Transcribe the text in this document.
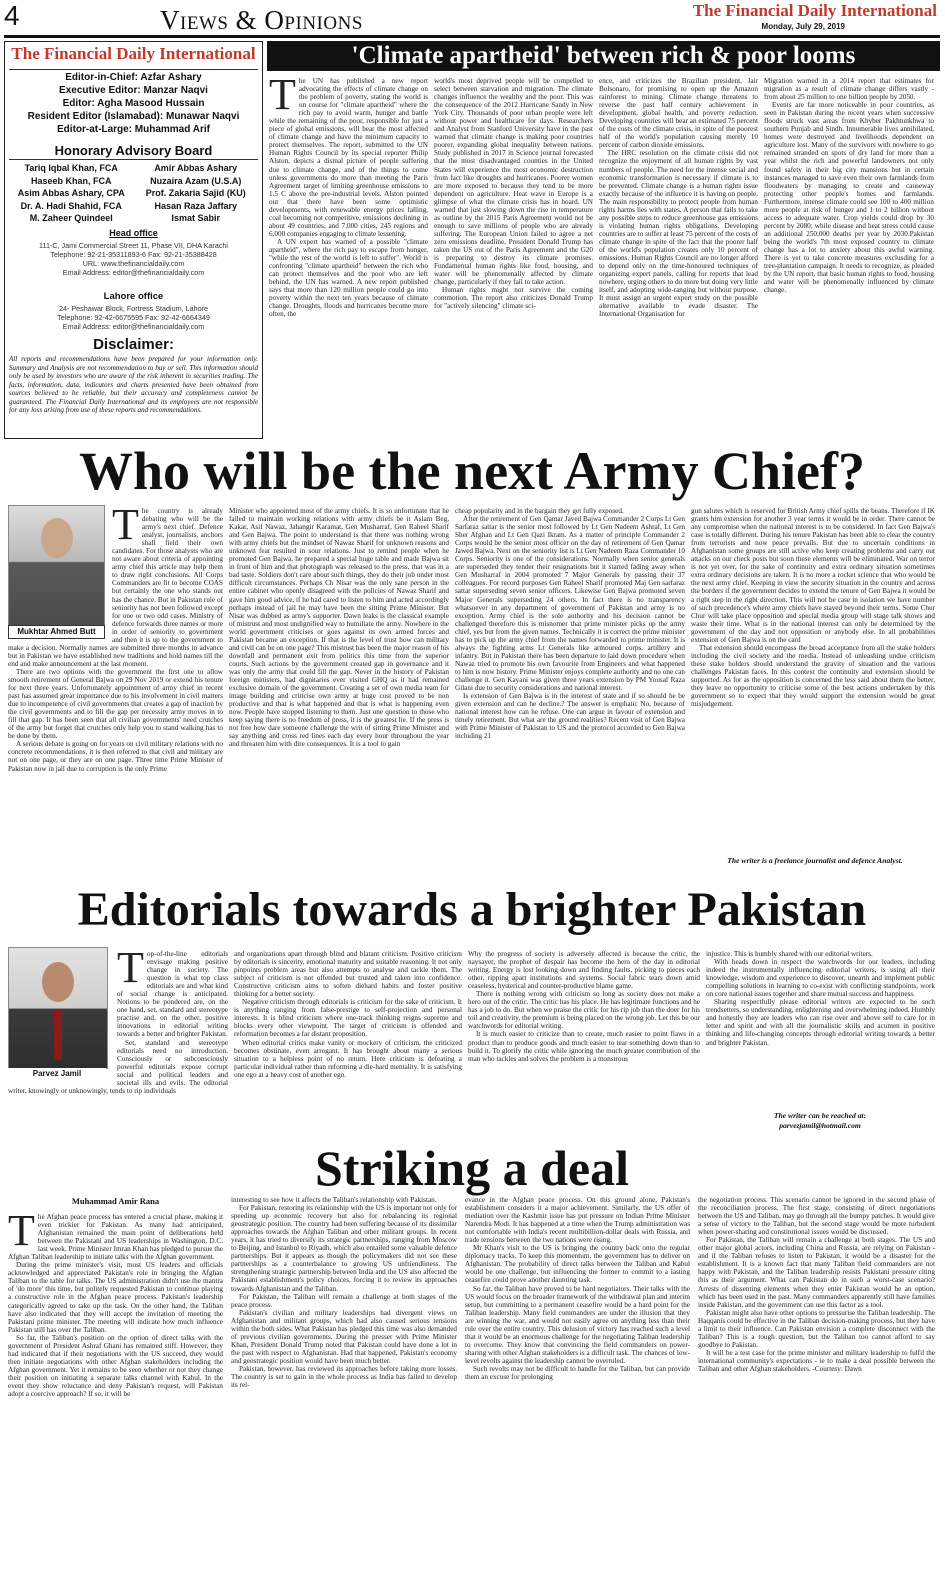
4	Views & Opinions	The Financial Daily International
Monday, July 29, 2019
The Financial Daily International
Editor-in-Chief: Azfar Ashary
Executive Editor: Manzar Naqvi
Editor: Agha Masood Hussain
Resident Editor (Islamabad): Munawar Naqvi
Editor-at-Large: Muhammad Arif
Honorary Advisory Board
Tariq Iqbal Khan, FCA	Amir Abbas Ashary
Haseeb Khan, FCA	Nuzaira Azam (U.S.A)
Asim Abbas Ashary, CPA	Prof. Zakaria Sajid (KU)
Dr. A. Hadi Shahid, FCA	Hasan Raza Jaffary
M. Zaheer Quindeel	Ismat Sabir
Head office
111-C, Jami Commercial Street 11, Phase VII, DHA Karachi
Telephone: 92-21-35311893-6 Fax: 92-21-35388428
URL: www.thefinancialdaily.com
Email Address: editor@thefinancialdaily.com
Lahore office
24- Peshawar Block, Fortress Stadium, Lahore
Telephone: 92-42-6675595 Fax: 92-42-6664349
Email Address: editor@thefinancialdaily.com
Disclaimer:
All reports and recommendations have been prepared for your information only. Summary and Analysis are not recommendation to buy or sell. This information should only be used by investors who are aware of the risk inherent in securities trading. The facts, information, data, indicators and charts presented have been obtained from sources believed to be reliable, but their accuracy and completeness cannot be guaranteed. The Financial Daily International and its employees are not responsible for any loss arising from use of these reports and recommendations.
'Climate apartheid' between rich & poor looms
The UN has published a new report advocating the effects of climate change on the problem of poverty, stating the world is on course for "climate apartheid" where the rich pay to avoid warm, hunger and battle while the remaining of the poor, responsible for just a piece of global emissions, will bear the most affected of climate change and have the minimum capacity to protect themselves. The report, submitted to the UN Human Rights Council by its special reporter Philip Alston, depicts a dismal picture of people suffering due to climate change, and of the things to come unless governments do more than meeting the Paris Agreement target of limiting greenhouse emissions to 1.5 C above the pre-industrial levels. Alston pointed out that there have been some optimistic developments, with renewable energy prices falling, coal becoming not competitive, emissions declining in about 49 countries, and 7,000 cities, 245 regions and 6,000 companies engaging to climate lessening.
A UN expert has warned of a possible "climate apartheid", where the rich pay to escape from hunger, "while the rest of the world is left to suffer". World is confronting "climate apartheid" between the rich who can protect themselves and the poor who are left behind, the UN has warned. A new report published says that more than 120 million people could go into poverty within the next ten years because of climate change. Droughts, floods and hurricanes become more often, the
world's most deprived people will be compelled to select between starvation and migration. The climate changes influence the wealthy and the poor. This was the consequence of the 2012 Hurricane Sandy in New York City. Thousands of poor urban people were left without power and healthcare for days. Researchers and Analyst from Stanford University have in the past warned that climate change is making poor countries poorer, expanding global inequality between nations. Study published in 2017 in Science journal forecasted that the most disadvantaged counties in the United States will experience the most economic destruction from fact like droughts and hurricanes. Poorer women are more exposed to because they tend to be more dependent on agriculture. Heat wave in Europe is a glimpse of what the climate crisis has in hoard. UN warned that just slowing down the rise in temperature as outline by the 2015 Paris Agreement would not be enough to save millions of people who are already suffering. The European Union failed to agree a net zero emissions deadline, President Donald Trump has taken the US out of the Paris Agreement and the G20 is preparing to destroy its climate promises. Fundamental human rights like food, housing, and water will be phenomenally affected by climate change, particularly if they fail to take action.
Human rights might not survive the coming commotion. The report also criticizes Donald Trump for "actively silencing" climate sci-
ence, and criticizes the Brazilian president, Jair Bolsonaro, for promising to open up the Amazon rainforest to mining. Climate change threatens to reverse the past half century achievement in development, global health, and poverty reduction. Developing countries will bear an estimated 75 percent of the costs of the climate crisis, in spite of the poorest half of the world's population causing merely 10 percent of carbon dioxide emissions.
The HRC resolution on the climate crisis did not recognize the enjoyment of all human rights by vast numbers of people. The need for the intense social and economic transformation is necessary if climate is to be prevented. Climate change is a human rights issue exactly because of the influence it is having on people. The main responsibility to protect people from human rights harms lies with states. A person that fails to take any possible steps to reduce greenhouse gas emissions is violating human rights obligations. Developing countries are to suffer at least 75 percent of the costs of climate change in spite of the fact that the poorer half of the world's population creates only 10 percent of emissions. Human Rights Council are no longer afford to depend only on the time-honoured techniques of organizing expert panels, calling for reports that lead nowhere, urging others to do more but doing very little itself, and adopting wide-ranging but without purpose. It must assign an urgent expert study on the possible alternative available to evade disaster. The International Organisation for
Migration warned in a 2014 report that estimates for migration as a result of climate change differs vastly - from about 25 million to one billion people by 2050.
Events are far more noticeable in poor countries, as seen in Pakistan during the recent years when successive floods struck vast areas from Khyber Pakhtunkhwa to southern Punjab and Sindh. Innumerable lives annihilated, homes were destroyed and livelihoods dependent on agriculture lost. Many of the survivors with nowhere to go remained stranded on spots of dry land for more than a year whilst the rich and powerful landowners not only found safety in their big city mansions but in certain instances managed to save even their own farmlands from floodwaters by managing to create and causeway protecting other people's homes and farmlands. Furthermore, intense climate could see 100 to 400 million more people at risk of hunger and 1 to 2 billion without access to adequate water. Crop yields could drop by 30 percent by 2080; while disease and heat stress could cause an additional 250,000 deaths per year by 2030.Pakistan being the world's 7th most exposed country to climate change has a lot to anxiety about this awful warning. There is yet to take concrete measures exclusding for a tree-plantation campaign. It needs to recognize, as pleaded by the UN report, that basic human rights to food, housing and water will be phenomenally influenced by climate change.
Who will be the next Army Chief?
Mukhtar Ahmed Butt
The country is already debating who will be the army's next chief. Defence analyst, journalists, anchors shall field their own candidates. For those analysts who are not aware about criteria of appointing army chief this article may help them to draw right conclusions. All Corps Commanders are fit to become COAS but certainly the one who stands out has the chance. But in Pakistan rule of seniority has not been followed except for one or two odd cases. Ministry of defence forwards three names or more in order of seniority to government and then it is up to the government to make a decision. Normally names are submitted three months in advance but in Pakistan we have established new traditions and hold names till the end and make announcement at the last moment.
There are two options with the government the first one to allow smooth retirement of General Bajwa on 29 Nov 2019 or extend his tenure for next three years. Unfortunately appointment of army chief in recent past has assumed great importance due to his involvement in civil matters due to incompetence of civil governments that creates a gap of inaction by the civil governments and to fill the gap per necessity army moves in to fill that gap. It has been seen that all civilian governments' need crutches of the army but forget that crutches only help you to stand walking has to be done by them.
A serious debate is going on for years on civil military relations with no concrete recommendations, it is then referred to that civil and military are not on one page, or they are on one page. Three time Prime Minister of Pakistan now in jail due to corruption is the only Prime
Minister who appointed most of the army chiefs. It is so unfortunate that he failed to maintain working relations with army chiefs be it Aslam Beg, Kakar, Asif Nawaz, Jahangir Karamat, Gen Musharraf, Gen Raheel Sharif and Gen Bajwa. The point to understand is that there was nothing wrong with army chiefs but the mindset of Nawaz Sharif for unknown reasons and unknown fear resulted in sour relations. Just to remind people when he promoted Gen Bajwa, he prepared a special huge table and made Bajwa sit in front of him and that photograph was released to the press, that was in a bad taste. Soldiers don't care about such things, they do their job under most difficult circumstances. Perhaps Ch Nisar was the only sane person in the entire cabinet who openly disagreed with the policies of Nawaz Sharif and gave him good advice, if he had cared to listen to him and acted accordingly perhaps instead of jail he may have been the sitting Prime Minister. But Nisar was dubbed as army's supporter. Dawn leaks is the classical example of mistrust and most undignified way to humiliate the army. Nowhere in the world government criticises or goes against its own armed forces and Pakistan became an exception. If that is the level of trust how can military and civil can be on one page? This mistrust has been the major reason of his downfall and permanent exit from politics this time from the superior courts. Such actions by the government created gap in governance and it was only the army that could fill the gap. Never in the history of Pakistan foreign ministers, had dignitaries ever visited GHQ as it had remained exclusive domain of the government. Creating a set of own media team for image building and criticise own army at huge cost proved to be non productive and that is what happened and that is what is happening even now. People have stopped listening to them. Just one question to those who keep saying there is no freedom of press, it is the greatest lie. If the press is not free how dare someone challenge the writ of sitting Prime Minister and say anything and cross red lines each day every hour throughout the year and threaten him with dire consequences. It is a tool to gain
cheap popularity and in the bargain they get fully exposed.
After the retirement of Gen Qamar Javed Bajwa Commander 2 Corps Lt Gen Sarfaraz sattar is the senior most followed by Lt Gen Nadeem Ashraf, Lt Gen Sher Afghan and Lt Gen Qazi Ikram. As a matter of principle Commander 2 Corps would be the senior most officer on the day of retirement of Gen Qamar Jawed Bajwa. Next on the seniority list is Lt Gen Nadeem Raza Commander 10 Corps. Seniority is one of the considerations. Normally when senior generals are superseded they tender their resignations but it started fading away when Gen Musharraf in 2004 promoted 7 Major Generals by passing their 37 colleagues. For record purposes Gen Raheel Sharif promoted Maj Gen sarfaraz sattar superseding seven senior officers. Likewise Gen Bajwa promoted seven Major Generals superseding 24 others. In fact there is no transparency whatsoever in any department of government of Pakistan and army is no exception. Army chief is the sole authority and his decision cannot be challenged therefore this is misnomer that prime minister picks up the army chief, yes but from the given names. Technically it is correct the prime minister has to pick up the army chief from the names forwarded to prime minister. It is always the fighting arms Lt Generals like armoured corps, artillery and infantry. But in Pakistan there has been departure to laid down procedure when Nawaz tried to promote his own favourite from Engineers and what happened to him is now history. Prime Minister enjoys complete authority and no one can challenge it. Gen Kayani was given three years extension by PM Yousaf Raza Gilani due to security considerations and national interest.
Is extension of Gen Bajwa is in the interest of state and if so should he be given extension and can he decline.? The answer is emphatic No, because of national interest how can he refuse. One can argue in favour of extension and timely retirement. But what are the ground realities? Recent visit of Gen Bajwa with Prime Minister of Pakistan to US and the protocol accorded to Gen Bajwa including 21
gun salutes which is reserved for British Army chief spills the beans. Therefore if IK grants him extension for another 3 year terms it would be in order. There cannot be any compromise when the national interest is to be considered. In fact Gen Bajwa's case is totally different. During his tenure Pakistan has been able to clear the country from terrorists and now peace prevails. But due to uncertain conditions in Afghanistan some groups are still active who keep creating problems and carry out attacks on our check posts but soon these elements will be eliminated. War on terror is not yet over, for the sake of continuity and extra ordinary situation sometimes extra ordinary decisions are taken. It is no more a rocket science that who would be the next army chief. Keeping in view the security situation in the country and across the borders if the government decides to extend the tenure of Gen Bajwa it would be a right step in the right direction. This will not be case in isolation we have number of such precedence's where army chiefs have stayed beyond their terms. Some Chur Chur will take place opposition and special media group will stage talk shows and waste their time. What is in the national interest can only be determined by the government of the day and not opposition or anybody else. In all probabilities extension of Gen Bajwa is on the card
That extension should encompass the broad acceptance from all the stake holders including the civil society and the media. Instead of unleashing undue criticism these stake holders should understand the gravity of situation and the various challenges Pakistan faces. In this context the continuity and extension should be supported. As for as the opposition is concerned the less said about them the better, they leave no opportunity to criticise some of the best actions undertaken by this government so to expect that they would support the extension would be great misjudgement.
The writer is a freelance journalist and defence Analyst.
Editorials towards a brighter Pakistan
Parvez Jamil
Top-of-the-line editorials envisage making positive change in society. The question is what top class editorials are and what kind of social change is anticipated. Notions to be pondered are, on the one hand, set, standard and stereotype practise and, on the other, positive innovations in editorial writing towards a better and brighter Pakistan.
Set, standard and stereotype editorials need no introduction. Consciously or subconsciously powerful editorials expose corrupt social and political leaders and societal ills and evils. The editorial writer, knowingly or unknowingly, tends to rip individuals
and organizations apart through blind and blatant criticism. Positive criticism by editorials is sincerity, emotional maturity and suitable reasoning. It not only pinpoints problem areas but also attempts to analyse and tackle them. The subject of criticism is not offended but trusted and taken into confidence. Constructive criticism aims to soften diehard habits and foster positive thinking for a better society.
Negative criticism through editorials is criticism for the sake of criticism. It is anything ranging from false-prestige to self-projection and personal interests. It is blind criticism where one-track thinking reigns supreme and blocks every other viewpoint. The target of criticism is offended and reformation becomes a far distant proposition.
When editorial critics make vanity or mockery of criticism, the criticized becomes obstinate, even arrogant. It has brought about many a serious situation to a helpless point of no return. Here criticism is defeating a particular individual rather than reforming a die-hard mentality. It is satisfying one ego at a heavy cost of another ego.
Why the progress of society is adversely affected is because the critic, the naysayer, the prophet of despair has become the hero of the day in editorial writing. Energy is lost looking down and finding faults, picking to pieces each other, ripping apart institutions and systems. Social fabric tears down amid ceaseless, hysterical and counter-productive blame game.
There is nothing wrong with criticism so long as society does not make a hero out of the critic. The critic has his place. He has legitimate functions and he has a job to do. But when we praise the critic for his rip job than the doer for his toil and creativity, the premium is being placed on the wrong job. Let this be our watchwords for editorial writing.
It is much easier to criticize than to create, much easier to point flaws in a product than to produce goods and much easier to tear something down than to build it. To glorify the critic while ignoring the much greater contribution of the man who tackles and solves the problem is a monstrous
injustice. This is humbly shared with our editorial writers.
With heads down in respect the watchwords for our leaders, including indeed the instrumentally influencing editorial writers, is using all their knowledge, wisdom and experience to discover, unearth and implement public compelling solutions in learning to co-exist with conflicting standpoints, work on core national issues together and share mutual success and happiness.
Sharing respectfully please editorial writers are expected to be such trendsetters, so understanding, enlightening and overwhelming indeed. Humbly and honestly they are leaders who can rise over and above self to care for in letter and spirit and with all the journalistic skills and acumen in positive thinking and life-changing concepts through editorial writing towards a better and brighter Pakistan.
The writer can be reached at:
parvezjamil@hotmail.com
Striking a deal
Muhammad Amir Rana
The Afghan peace process has entered a crucial phase, making it even trickier for Pakistan. As many had anticipated, Afghanistan remained the main point of deliberations held between the Pakistani and US leaderships in Washington, D.C. last week. Prime Minister Imran Khan has pledged to pursue the Afghan Taliban leadership to initiate talks with the Afghan government.
During the prime minister's visit, most US leaders and officials acknowledged and appreciated Pakistan's role in bringing the Afghan Taliban to the table for talks. The US administration didn't use the mantra of 'do more' this time, but politely requested Pakistan to continue playing a constructive role in the Afghan peace process. Pakistan's leadership categorically agreed to take up the task. On the other hand, the Taliban have also indicated that they will accept the invitation of meeting the Pakistani prime minister. The meeting will indicate how much influence Pakistan still has over the Taliban.
So far, the Taliban's position on the option of direct talks with the government of President Ashraf Ghani has remained stiff. However, they had indicated that if their negotiations with the US succeed, they would then initiate negotiations with other Afghan stakeholders including the Afghan government. Yet it remains to be seen whether or not they change their position on initiating a separate talks channel with Kabul. In the event they show reluctance and deny Pakistan's request, will Pakistan adopt a coercive approach? If so, it will be
interesting to see how it affects the Taliban's relationship with Pakistan.
For Pakistan, restoring its relationship with the US is important not only for speeding up economic recovery but also for rebalancing its regional geostrategic position. The country had been suffering because of its dissimilar approaches towards the Afghan Taliban and other militant groups. In recent years, it has tried to diversify its strategic partnerships, ranging from Moscow to Beijing, and Istanbul to Riyadh, which also entailed some valuable defence partnerships. But it appears as though the policymakers did not see these partnerships as a counterbalance to growing US unfriendliness. The strengthening strategic partnership between India and the US also affected the Pakistani establishment's policy choices, forcing it to review its approaches towards Afghanistan and the Taliban.
For Pakistan, the Taliban will remain a challenge at both stages of the peace process.
Pakistan's civilian and military leaderships had divergent views on Afghanistan and militant groups, which had also caused serious tensions within the both sides. What Pakistan has pledged this time was also demanded of previous civilian governments. During the presser with Prime Minister Khan, President Donald Trump noted that Pakistan could have done a lot in the past with respect to Afghanistan. Had that happened, Pakistan's economy and geostrategic position would have been much better.
Pakistan, however, has reviewed its approaches before taking more losses. The country is set to gain in the whole process as India has failed to develop its rel-
evance in the Afghan peace process. On this ground alone, Pakistan's establishment considers it a major achievement. Similarly, the US offer of mediation over the Kashmir issue has put pressure on Indian Prime Minister Narendra Modi. It has happened at a time when the Trump administration was not comfortable with India's recent multibillion-dollar deals with Russia, and trade tensions between the two nations were rising.
Mr Khan's visit to the US is bringing the country back onto the regular diplomacy tracks. To keep this momentum, the government has to deliver on Afghanistan. The probability of direct talks between the Taliban and Kabul would be one challenge, but influencing the former to commit to a lasting ceasefire could prove another daunting task.
So far, the Taliban have proved to be hard negotiators. Their talks with the US would focus on the broader framework of the withdrawal plan and interim setup, but committing to a permanent ceasefire would be a hard point for the Taliban leadership. Many field commanders are under the illusion that they are winning the war, and would not easily agree on anything less than their rule over the entire country. This delusion of victory has reached such a level that it would be an enormous challenge for the negotiating Taliban leadership to overcome. They know that convincing the field commanders on power-sharing with other Afghan stakeholders is a difficult task. The chances of low-level revolts against the leadership cannot be overruled.
Such revolts may not be difficult to handle for the Taliban, but can provide them an excuse for prolonging
the negotiation process. This scenario cannot be ignored in the second phase of the reconciliation process. The first stage, consisting of direct negotiations between the US and Taliban, may go through all the bumpy patches. It would give a sense of victory to the Taliban, but the second stage would be more turbulent when power-sharing and constitutional issues would be discussed.
For Pakistan, the Taliban will remain a challenge at both stages. The US and other major global actors, including China and Russia, are relying on Pakistan - and if the Taliban refuses to listen to Pakistan, it would be a disaster for the establishment. It is a known fact that many Taliban field commanders are not happy with Pakistan, and the Taliban leadership resists Pakistani pressure citing this as their argument. What can Pakistan do in such a worst-case scenario? Arrests of dissenting elements when they enter Pakistan would be an option, which has been used in the past. Many commanders apparently still have families inside Pakistan, and the government can use this factor as a tool.
Pakistan might also have other options to pressurise the Taliban leadership. The Haqqanis could be effective in the Taliban decision-making process, but they have a limit to their influence. Can Pakistan envision a complete disconnect with the Taliban? This is a tough question, but the Taliban too cannot afford to say goodbye to Pakistan.
It will be a test case for the prime minister and military leadership to fulfil the international community's expectations - ie to make a deal possible between the Taliban and other Afghan stakeholders. -Courtesy: Dawn
